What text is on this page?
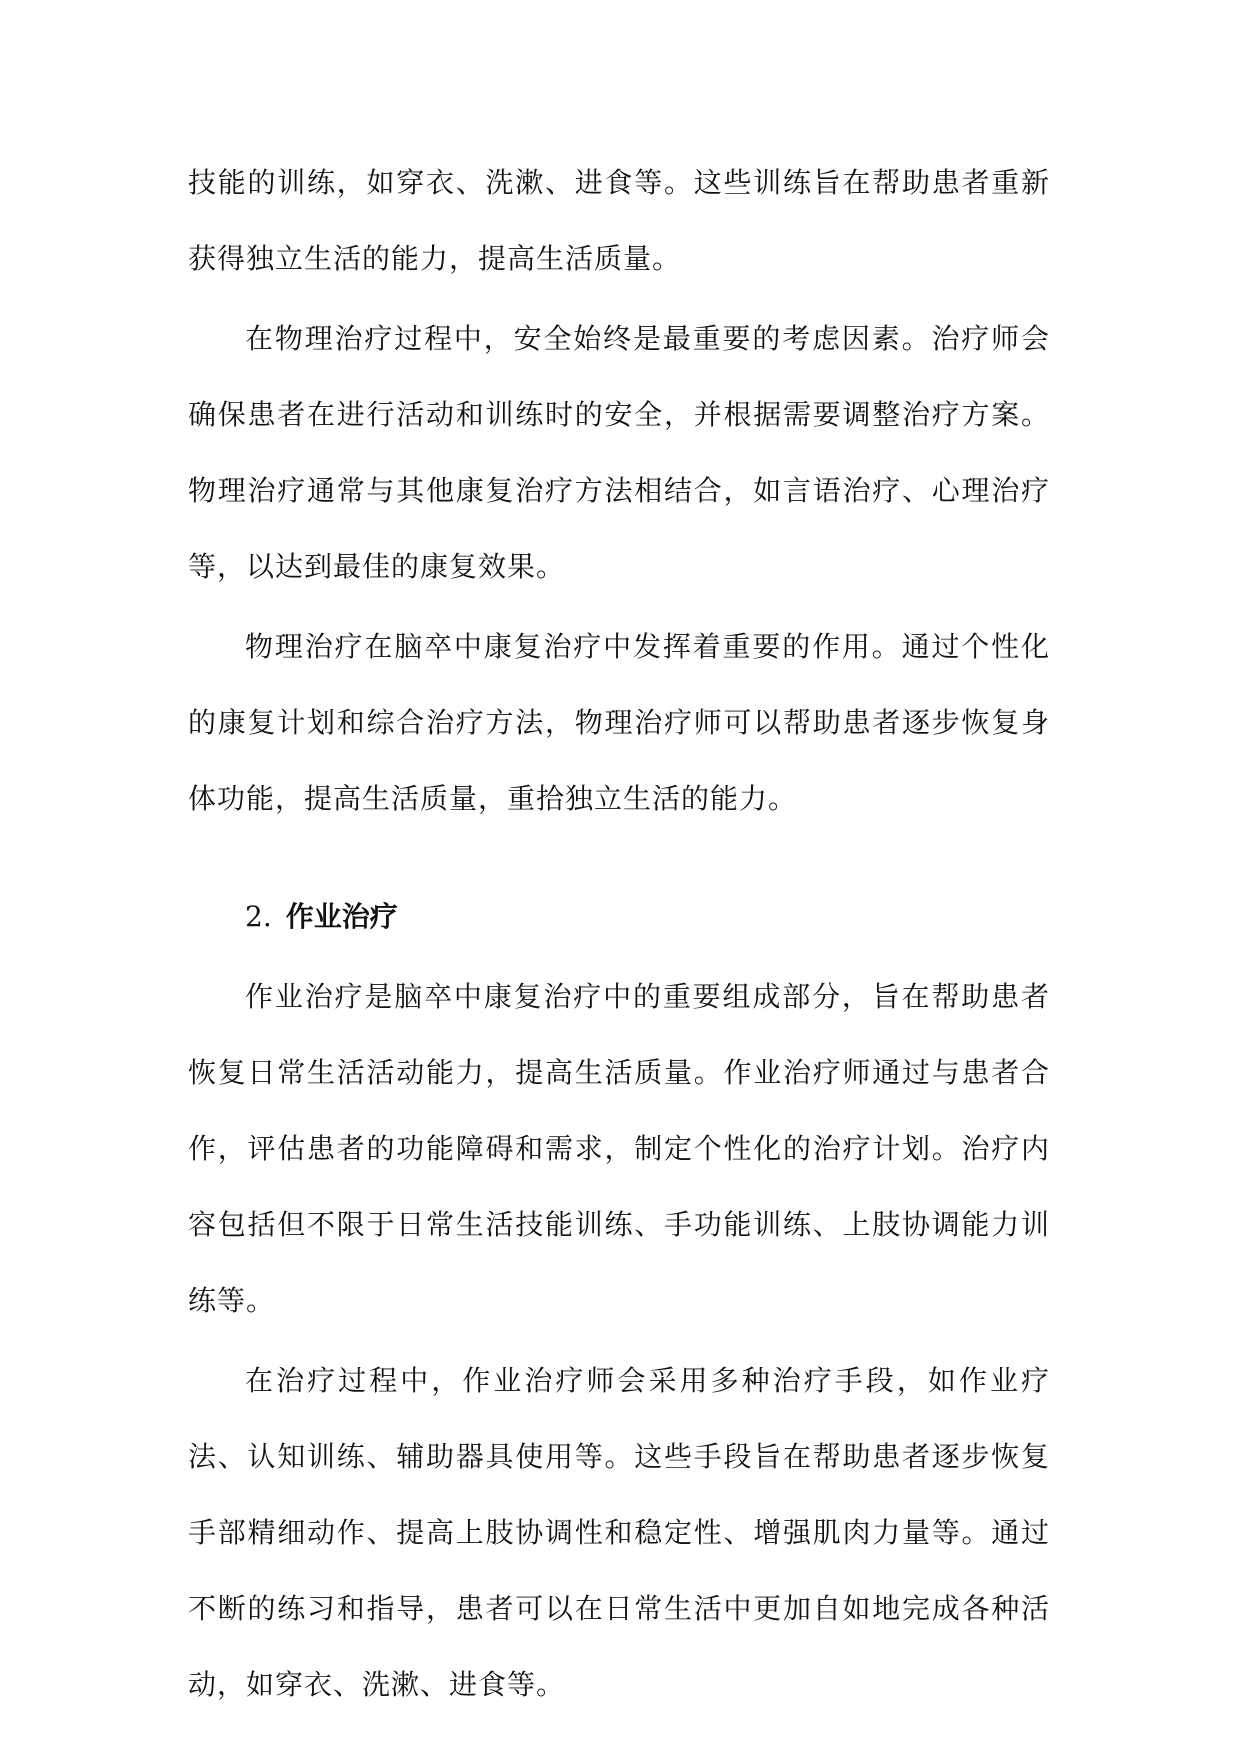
技能的训练，如穿衣、洗漱、进食等。这些训练旨在帮助患者重新获得独立生活的能力，提高生活质量。

在物理治疗过程中，安全始终是最重要的考虑因素。治疗师会确保患者在进行活动和训练时的安全，并根据需要调整治疗方案。物理治疗通常与其他康复治疗方法相结合，如言语治疗、心理治疗等，以达到最佳的康复效果。

物理治疗在脑卒中康复治疗中发挥着重要的作用。通过个性化的康复计划和综合治疗方法，物理治疗师可以帮助患者逐步恢复身体功能，提高生活质量，重拾独立生活的能力。

2. 作业治疗

作业治疗是脑卒中康复治疗中的重要组成部分，旨在帮助患者恢复日常生活活动能力，提高生活质量。作业治疗师通过与患者合作，评估患者的功能障碍和需求，制定个性化的治疗计划。治疗内容包括但不限于日常生活技能训练、手功能训练、上肢协调能力训练等。

在治疗过程中，作业治疗师会采用多种治疗手段，如作业疗法、认知训练、辅助器具使用等。这些手段旨在帮助患者逐步恢复手部精细动作、提高上肢协调性和稳定性、增强肌肉力量等。通过不断的练习和指导，患者可以在日常生活中更加自如地完成各种活动，如穿衣、洗漱、进食等。
